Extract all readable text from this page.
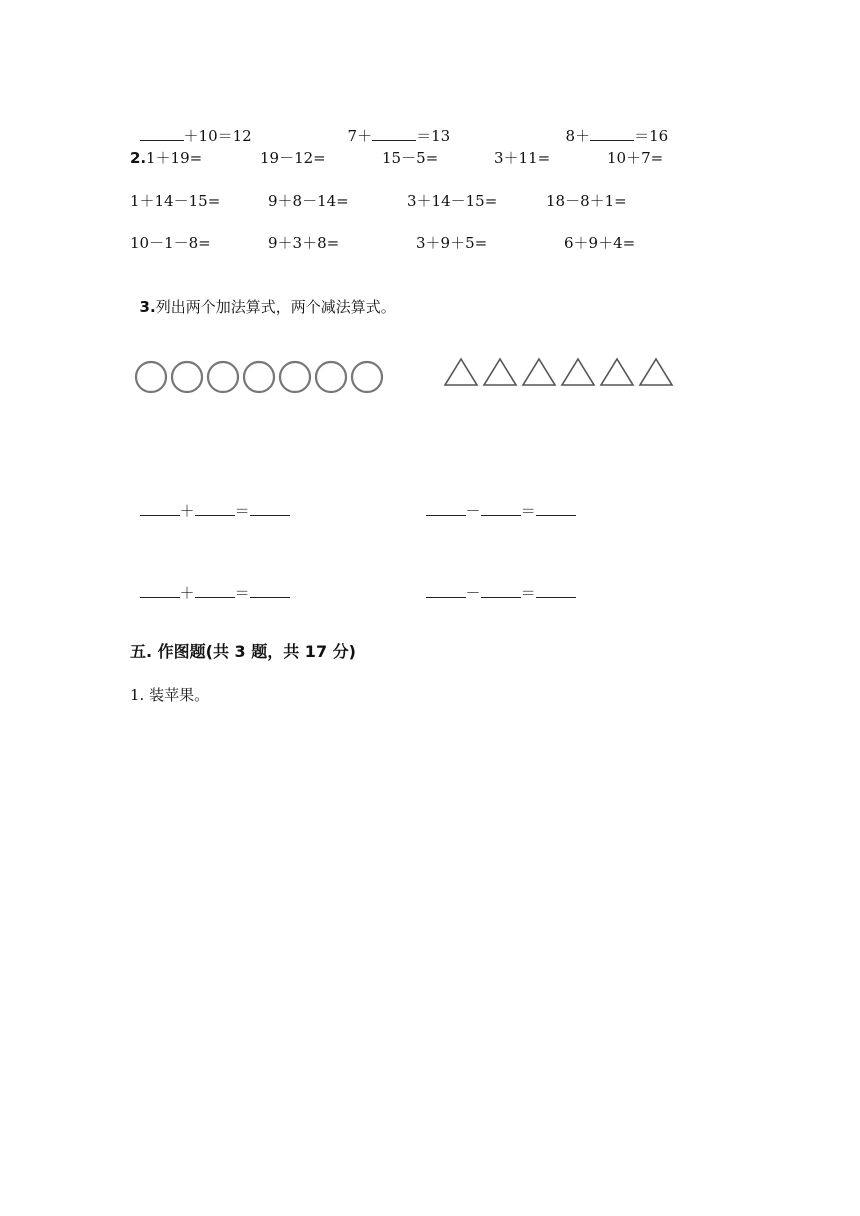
＋10＝12	7＋	＝13	8＋	＝16

2. 1＋19=	19－12=	15－5=	3＋11=	10＋7=
1＋14－15=	9＋8－14=	3＋14－15=	18－8＋1=
10－1－8=	9＋3＋8=	3＋9＋5=	6＋9＋4=

3.列出两个加法算式，两个减法算式。

＋	＝	－	＝

＋	＝	－	＝

五. 作图题(共 3 题，共 17 分)
1. 装苹果。
